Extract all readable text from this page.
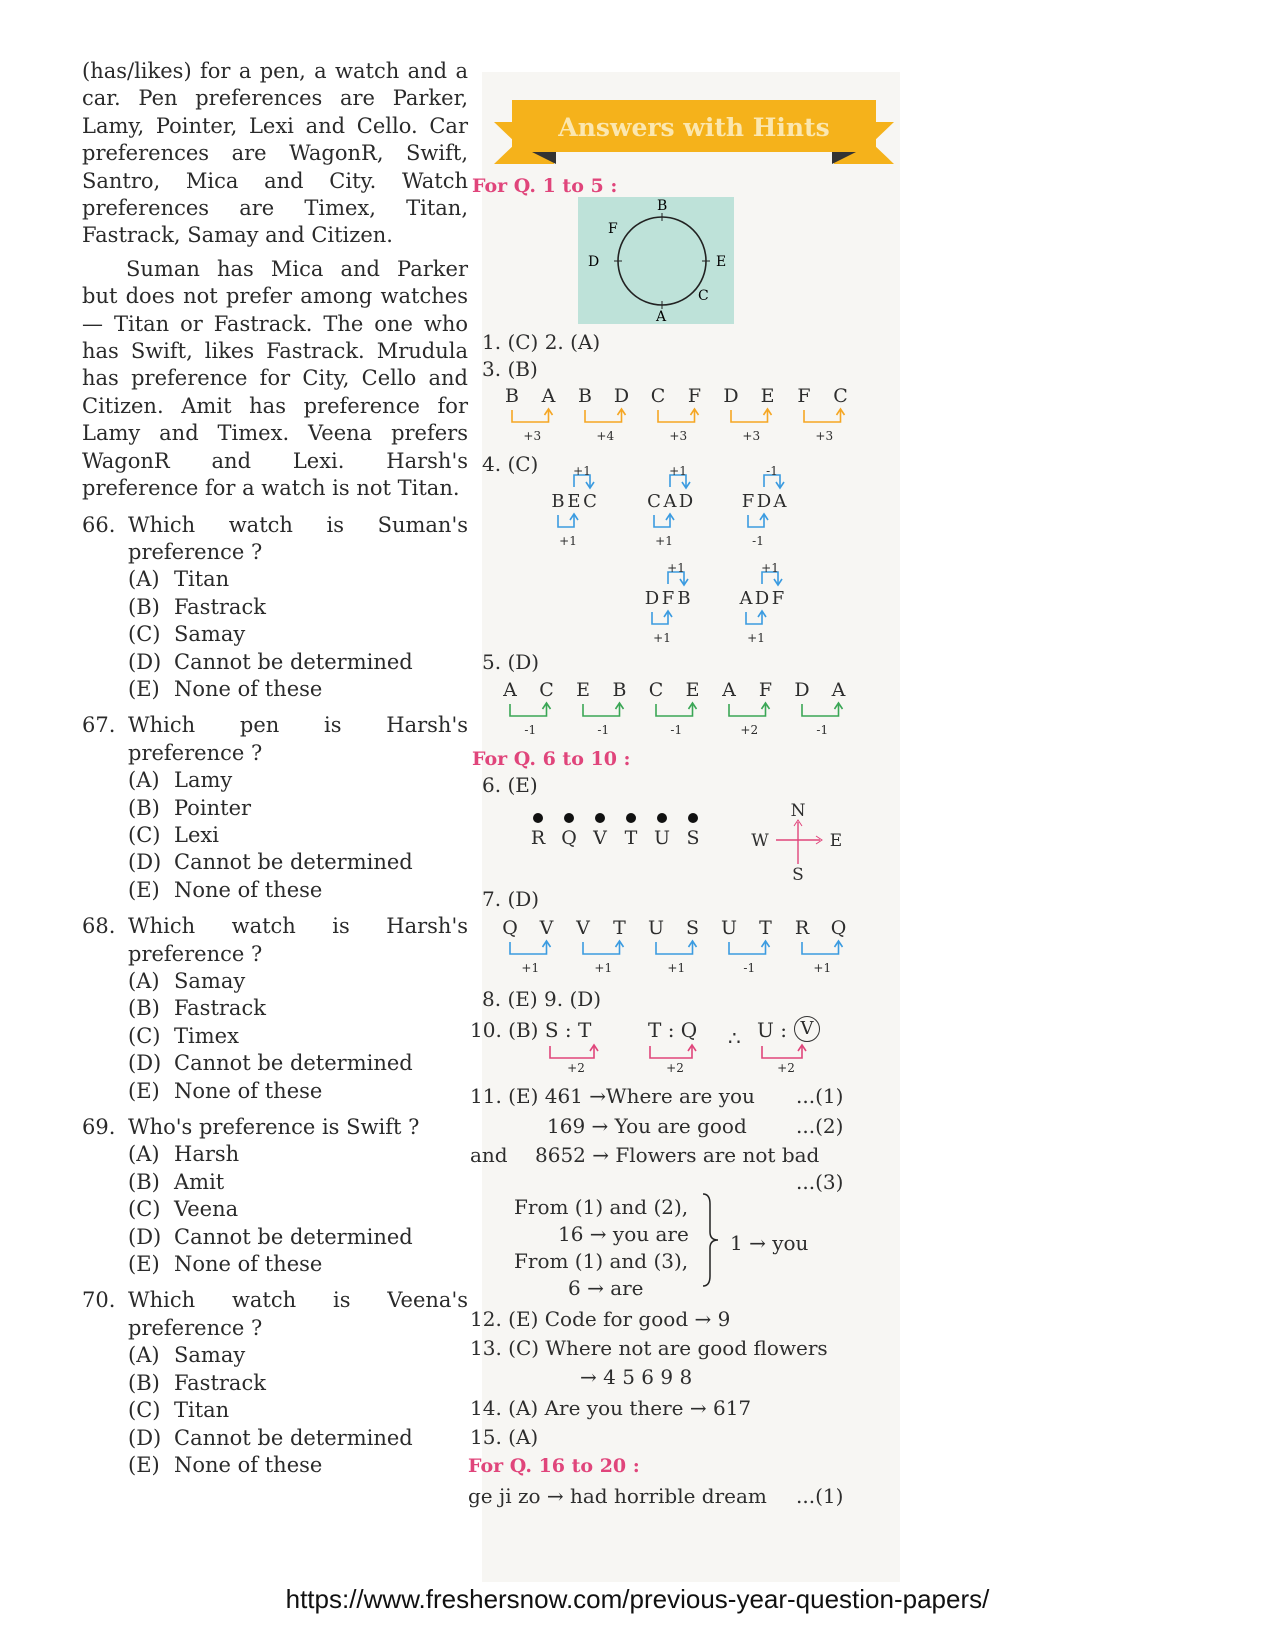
(has/likes) for a pen, a watch and a car. Pen preferences are Parker, Lamy, Pointer, Lexi and Cello. Car preferences are WagonR, Swift, Santro, Mica and City. Watch preferences are Timex, Titan, Fastrack, Samay and Citizen.

Suman has Mica and Parker but does not prefer among watches— Titan or Fastrack. The one who has Swift, likes Fastrack. Mrudula has preference for City, Cello and Citizen. Amit has preference for Lamy and Timex. Veena prefers WagonR and Lexi. Harsh's preference for a watch is not Titan.

66. Which watch is Suman's preference ?
(A) Titan
(B) Fastrack
(C) Samay
(D) Cannot be determined
(E) None of these
67. Which pen is Harsh's preference ?
(A) Lamy
(B) Pointer
(C) Lexi
(D) Cannot be determined
(E) None of these
68. Which watch is Harsh's preference ?
(A) Samay
(B) Fastrack
(C) Timex
(D) Cannot be determined
(E) None of these
69. Who's preference is Swift ?
(A) Harsh
(B) Amit
(C) Veena
(D) Cannot be determined
(E) None of these
70. Which watch is Veena's preference ?
(A) Samay
(B) Fastrack
(C) Titan
(D) Cannot be determined
(E) None of these
Answers with Hints
For Q. 1 to 5 :
B
F
D	E
C
A
1. (C) 2. (A)
3. (B)
B A B D C F D E F C
+3	+4	+3	+3	+3
4. (C)
B E C
+1
+1
C A D
+1
+1
F D A
-1
-1
D F B
+1
+1
A D F
+1
+1
5. (D)
A C E B C E A F D A
-1	-1	-1	+2	-1
For Q. 6 to 10 :
6. (E)
R Q V T U S
N
S
E
W
7. (D)
Q V V T U S U T R Q
+1	+1	+1	-1	+1
8. (E) 9. (D)
10. (B) S : T	T : Q ∴ U : V
+2	+2	+2
11. (E) 461 →Where are you ...(1)
169 → You are good ...(2)
and 8652 → Flowers are not bad
...(3)
From (1) and (2),
16 → you are
From (1) and (3),
6 → are
1 → you
12. (E) Code for good → 9
13. (C) Where not are good flowers
→ 4 5 6 9 8
14. (A) Are you there → 617
15. (A)
For Q. 16 to 20 :
ge ji zo → had horrible dream ...(1)
https://www.freshersnow.com/previous-year-question-papers/
